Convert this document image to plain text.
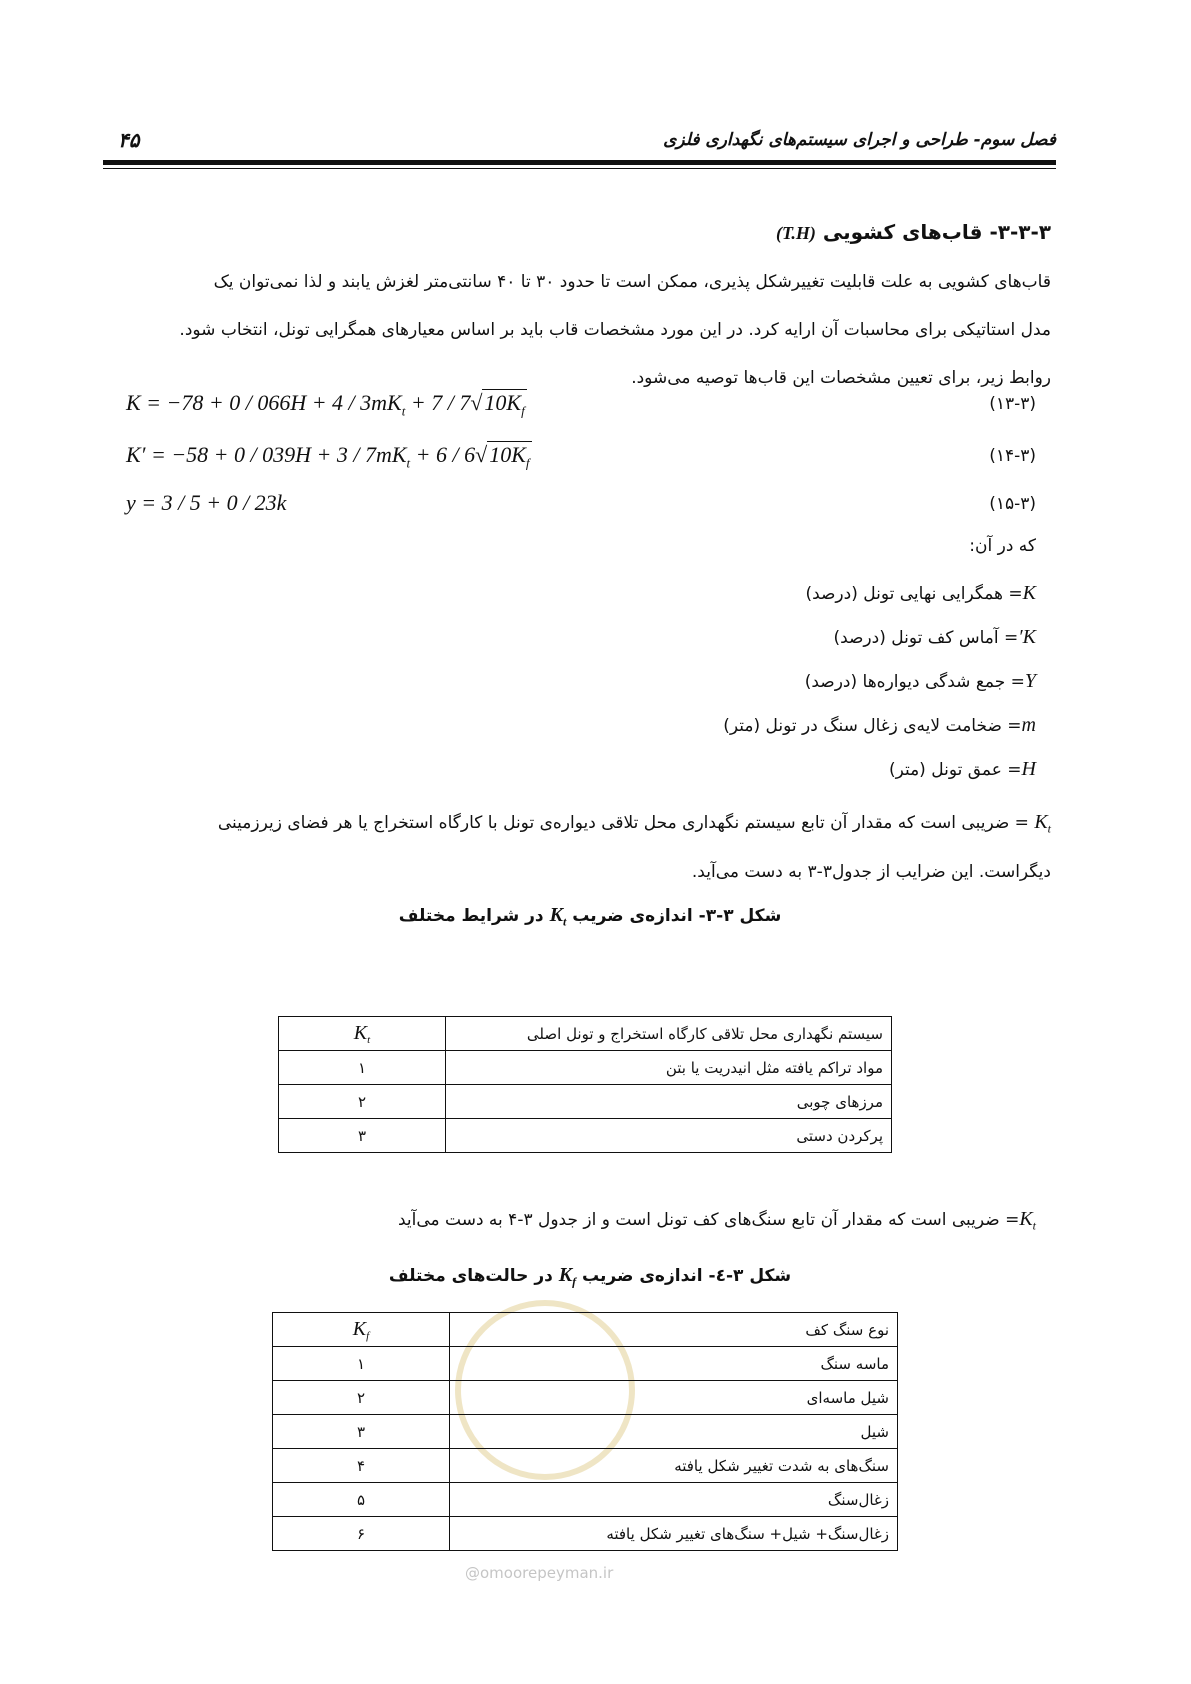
فصل سوم- طراحی و اجرای سیستم‌های نگهداری فلزی
۴۵
۳-۳-۳- قاب‌های کشویی (T.H)

قاب‌های کشویی به علت قابلیت تغییرشکل پذیری، ممکن است تا حدود ۳۰ تا ۴۰ سانتی‌متر لغزش یابند و لذا نمی‌توان یک

مدل استاتیکی برای محاسبات آن ارایه کرد. در این مورد مشخصات قاب باید بر اساس معیارهای همگرایی تونل، انتخاب شود.

روابط زیر، برای تعیین مشخصات این قاب‌ها توصیه می‌شود.

$K = -78 + 0 / 066H + 4 / 3mK_t + 7 / 7√10K_f$	(۱۳-۳)
$K' = -58 + 0 / 039H + 3 / 7mK_t + 6 / 6√10K_f$	(۱۴-۳)
y = 3 / 5 + 0 / 23k	(۱۵-۳)
که در آن:
K= همگرایی نهایی تونل (درصد)
K′= آماس کف تونل (درصد)
Y= جمع شدگی دیواره‌ها (درصد)
m= ضخامت لایه‌ی زغال سنگ در تونل (متر)
H= عمق تونل (متر)

$K_t$ = ضریبی است که مقدار آن تابع سیستم نگهداری محل تلاقی دیواره‌ی تونل با کارگاه استخراج یا هر فضای زیرزمینی

دیگراست. این ضرایب از جدول۳-۳ به دست می‌آید.

شکل ۳-۳- اندازه‌ی ضریب $K_t$ در شرایط مختلف
$K_t$	سیستم نگهداری محل تلاقی کارگاه استخراج و تونل اصلی
۱	مواد تراکم یافته مثل انیدریت یا بتن
۲	مرزهای چوبی
۳	پرکردن دستی
$K_t=$ ضریبی است که مقدار آن تابع سنگ‌های کف تونل است و از جدول ۳-۴ به دست می‌آید
شکل ۳-٤- اندازه‌ی ضریب $K_f$ در حالت‌های مختلف
@omoorepeyman.ir
$K_f$	نوع سنگ کف
۱	ماسه سنگ
۲	شیل ماسه‌ای
۳	شیل
۴	سنگ‌های به شدت تغییر شکل یافته
۵	زغال‌سنگ
۶	زغال‌سنگ+ شیل+ سنگ‌های تغییر شکل یافته
